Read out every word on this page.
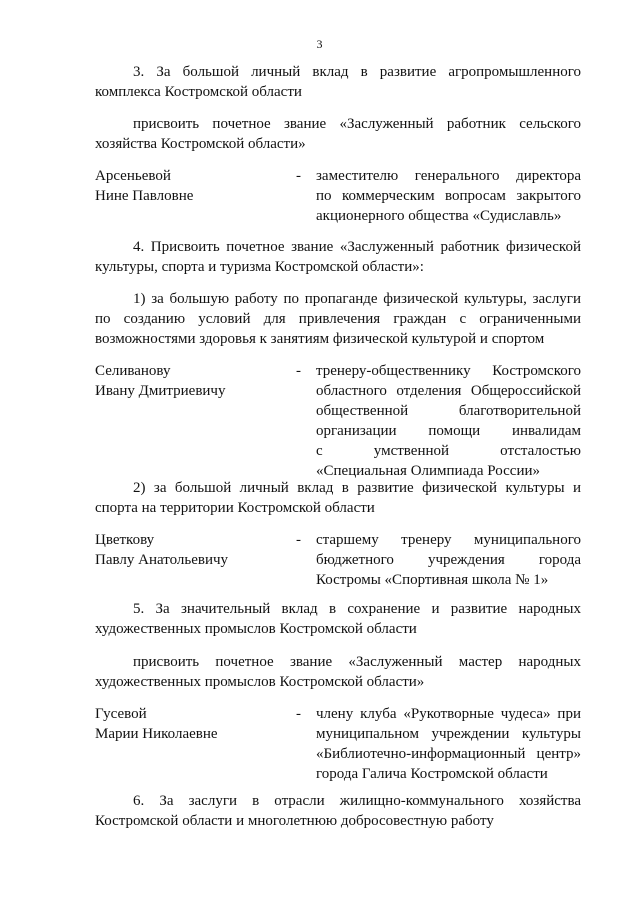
3
3. За большой личный вклад в развитие агропромышленного
комплекса Костромской области
присвоить почетное звание «Заслуженный работник сельского
хозяйства Костромской области»
Арсеньевой
Нине Павловне
- заместителю генерального директора
по коммерческим вопросам закрытого
акционерного общества «Судиславль»
4. Присвоить почетное звание «Заслуженный работник физической
культуры, спорта и туризма Костромской области»:
1) за большую работу по пропаганде физической культуры, заслуги
по созданию условий для привлечения граждан с ограниченными
возможностями здоровья к занятиям физической культурой и спортом
Селиванову
Ивану Дмитриевичу
- тренеру-общественнику Костромского
областного отделения Общероссийской
общественной благотворительной
организации помощи инвалидам
с умственной отсталостью
«Специальная Олимпиада России»
2) за большой личный вклад в развитие физической культуры и
спорта на территории Костромской области
Цветкову
Павлу Анатольевичу
- старшему тренеру муниципального
бюджетного учреждения города
Костромы «Спортивная школа № 1»
5. За значительный вклад в сохранение и развитие народных
художественных промыслов Костромской области
присвоить почетное звание «Заслуженный мастер народных
художественных промыслов Костромской области»
Гусевой
Марии Николаевне
- члену клуба «Рукотворные чудеса» при
муниципальном учреждении культуры
«Библиотечно-информационный центр»
города Галича Костромской области
6. За заслуги в отрасли жилищно-коммунального хозяйства
Костромской области и многолетнюю добросовестную работу
